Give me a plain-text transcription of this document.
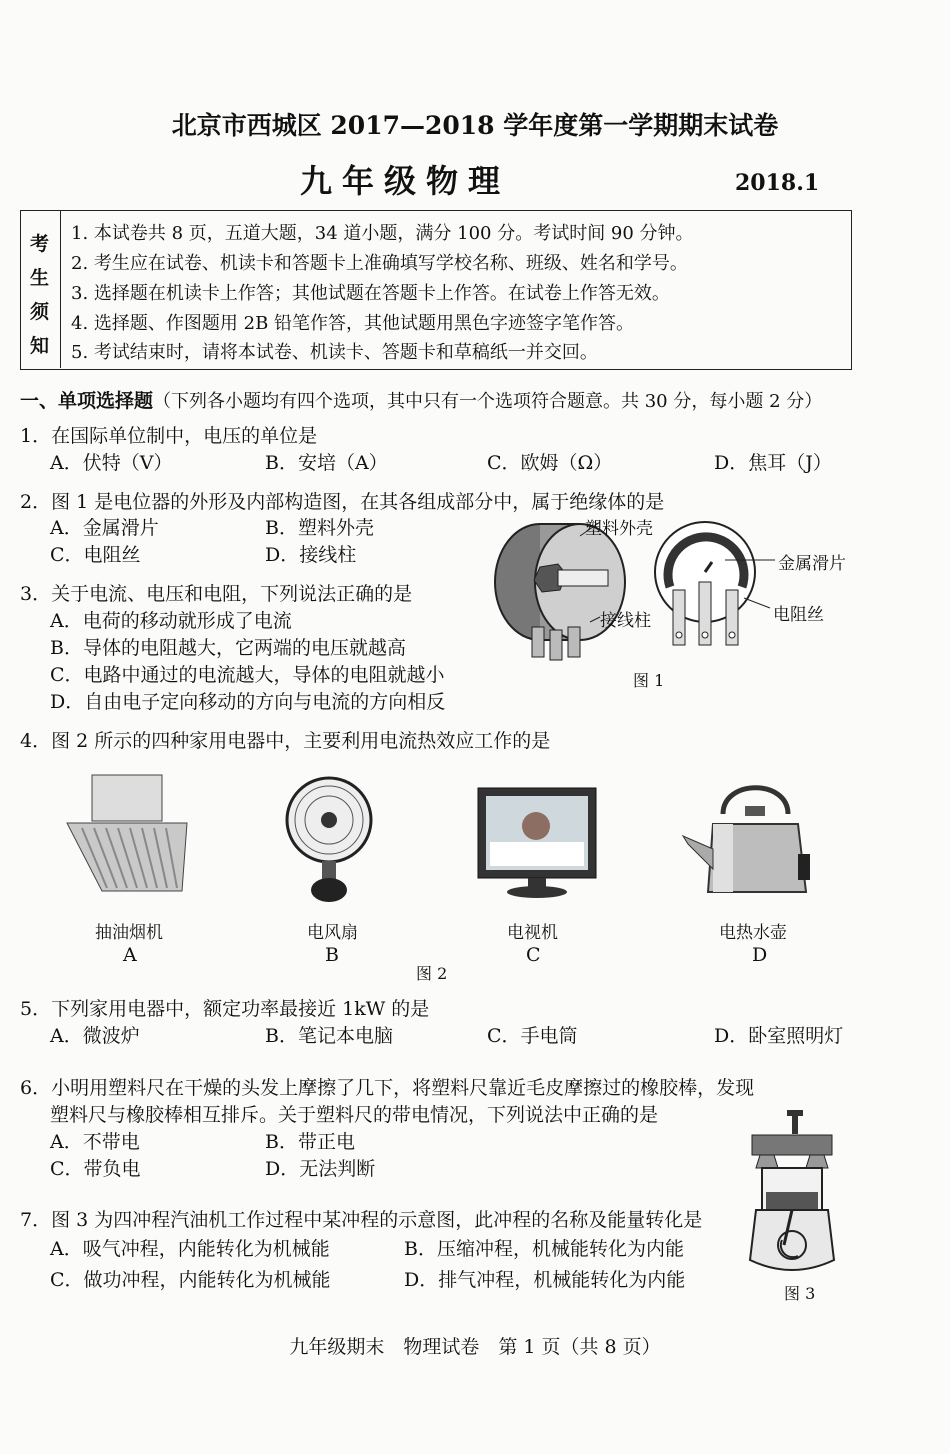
北京市西城区 2017—2018 学年度第一学期期末试卷
九年级物理	2018.1
考
生
须
知
1. 本试卷共 8 页，五道大题，34 道小题，满分 100 分。考试时间 90 分钟。
2. 考生应在试卷、机读卡和答题卡上准确填写学校名称、班级、姓名和学号。
3. 选择题在机读卡上作答；其他试题在答题卡上作答。在试卷上作答无效。
4. 选择题、作图题用 2B 铅笔作答，其他试题用黑色字迹签字笔作答。
5. 考试结束时，请将本试卷、机读卡、答题卡和草稿纸一并交回。
一、单项选择题（下列各小题均有四个选项，其中只有一个选项符合题意。共 30 分，每小题 2 分）
1．在国际单位制中，电压的单位是
A．伏特（V）	B．安培（A）	C．欧姆（Ω）	D．焦耳（J）
2．图 1 是电位器的外形及内部构造图，在其各组成部分中，属于绝缘体的是
A．金属滑片	B．塑料外壳
C．电阻丝	D．接线柱
3．关于电流、电压和电阻，下列说法正确的是
A．电荷的移动就形成了电流
B．导体的电阻越大，它两端的电压就越高
C．电路中通过的电流越大，导体的电阻就越小
D．自由电子定向移动的方向与电流的方向相反
塑料外壳
金属滑片
接线柱	电阻丝
图 1
4．图 2 所示的四种家用电器中，主要利用电流热效应工作的是
抽油烟机
A
电风扇
B
电视机
C
电热水壶
D
图 2
5．下列家用电器中，额定功率最接近 1kW 的是
A．微波炉	B．笔记本电脑	C．手电筒	D．卧室照明灯
6．小明用塑料尺在干燥的头发上摩擦了几下，将塑料尺靠近毛皮摩擦过的橡胶棒，发现
塑料尺与橡胶棒相互排斥。关于塑料尺的带电情况，下列说法中正确的是
A．不带电	B．带正电
C．带负电	D．无法判断
7．图 3 为四冲程汽油机工作过程中某冲程的示意图，此冲程的名称及能量转化是
A．吸气冲程，内能转化为机械能	B．压缩冲程，机械能转化为内能
C．做功冲程，内能转化为机械能	D．排气冲程，机械能转化为内能
图 3
九年级期末　物理试卷　第 1 页（共 8 页）
